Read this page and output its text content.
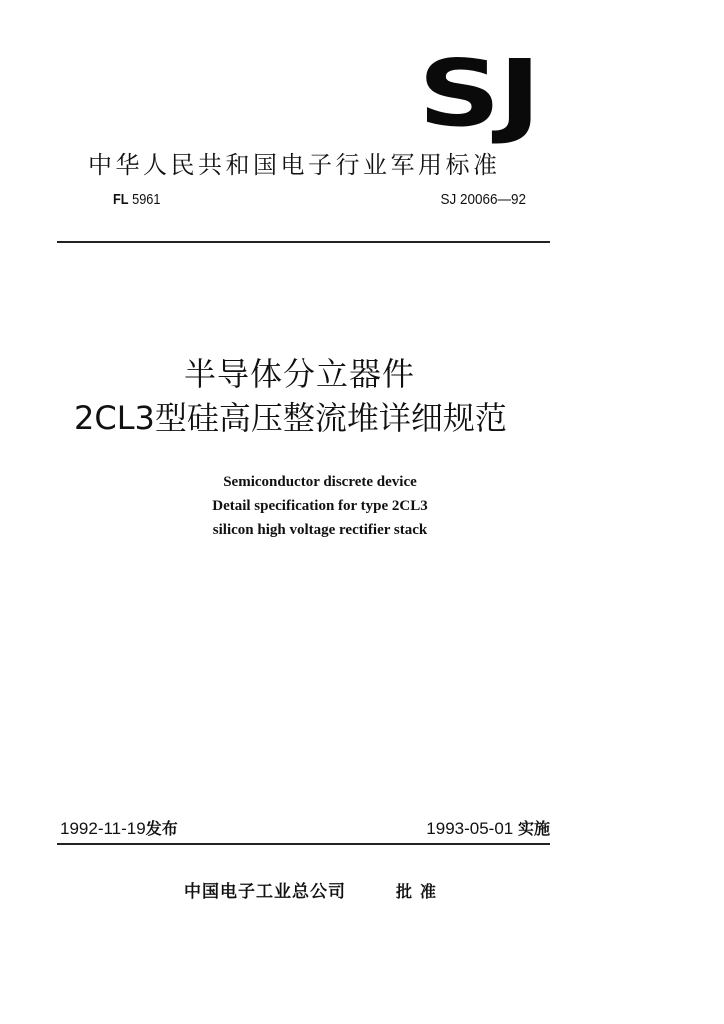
SJ
中华人民共和国电子行业军用标准
FL 5961	SJ 20066—92
半导体分立器件
2CL3型硅高压整流堆详细规范
Semiconductor discrete device
Detail specification for type 2CL3
silicon high voltage rectifier stack
1992-11-19发布	1993-05-01 实施
中国电子工业总公司	批准
